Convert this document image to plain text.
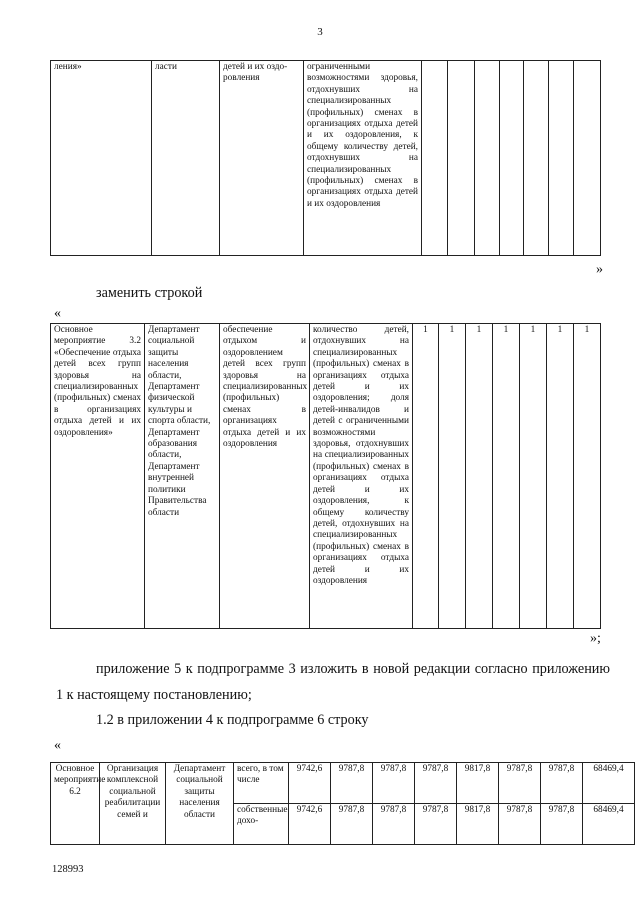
3
ления»	ласти	детей и их оздо-ровления	ограниченными возможностями здоровья, отдохнувших на специализированных (профильных) сменах в организациях отдыха детей и их оздоровления, к общему количеству детей, отдохнувших на специализированных (профильных) сменах в организациях отдыха детей и их оздоровления							
»
заменить строкой
«
Основное мероприятие 3.2 «Обеспечение отдыха детей всех групп здоровья на специализированных (профильных) сменах в организациях отдыха детей и их оздоровления»	Департамент социальной защиты населения области, Департамент физической культуры и спорта области, Департамент образования области, Департамент внутренней политики Правительства области	обеспечение отдыхом и оздоровлением детей всех групп здоровья на специализированных (профильных) сменах в организациях отдыха детей и их оздоровления	количество детей, отдохнувших на специализированных (профильных) сменах в организациях отдыха детей и их оздоровления; доля детей-инвалидов и детей с ограниченными возможностями здоровья, отдохнувших на специализированных (профильных) сменах в организациях отдыха детей и их оздоровления, к общему количеству детей, отдохнувших на специализированных (профильных) сменах в организациях отдыха детей и их оздоровления	1	1	1	1	1	1	1
»;
приложение 5 к подпрограмме 3 изложить в новой редакции согласно приложению 1 к настоящему постановлению;
1.2 в приложении 4 к подпрограмме 6 строку
«
Основное мероприятие 6.2	Организация комплексной социальной реабилитации семей и	Департамент социальной защиты населения области	всего, в том числе	9742,6	9787,8	9787,8	9787,8	9817,8	9787,8	9787,8	68469,4
			собственные дохо-	9742,6	9787,8	9787,8	9787,8	9817,8	9787,8	9787,8	68469,4
128993
